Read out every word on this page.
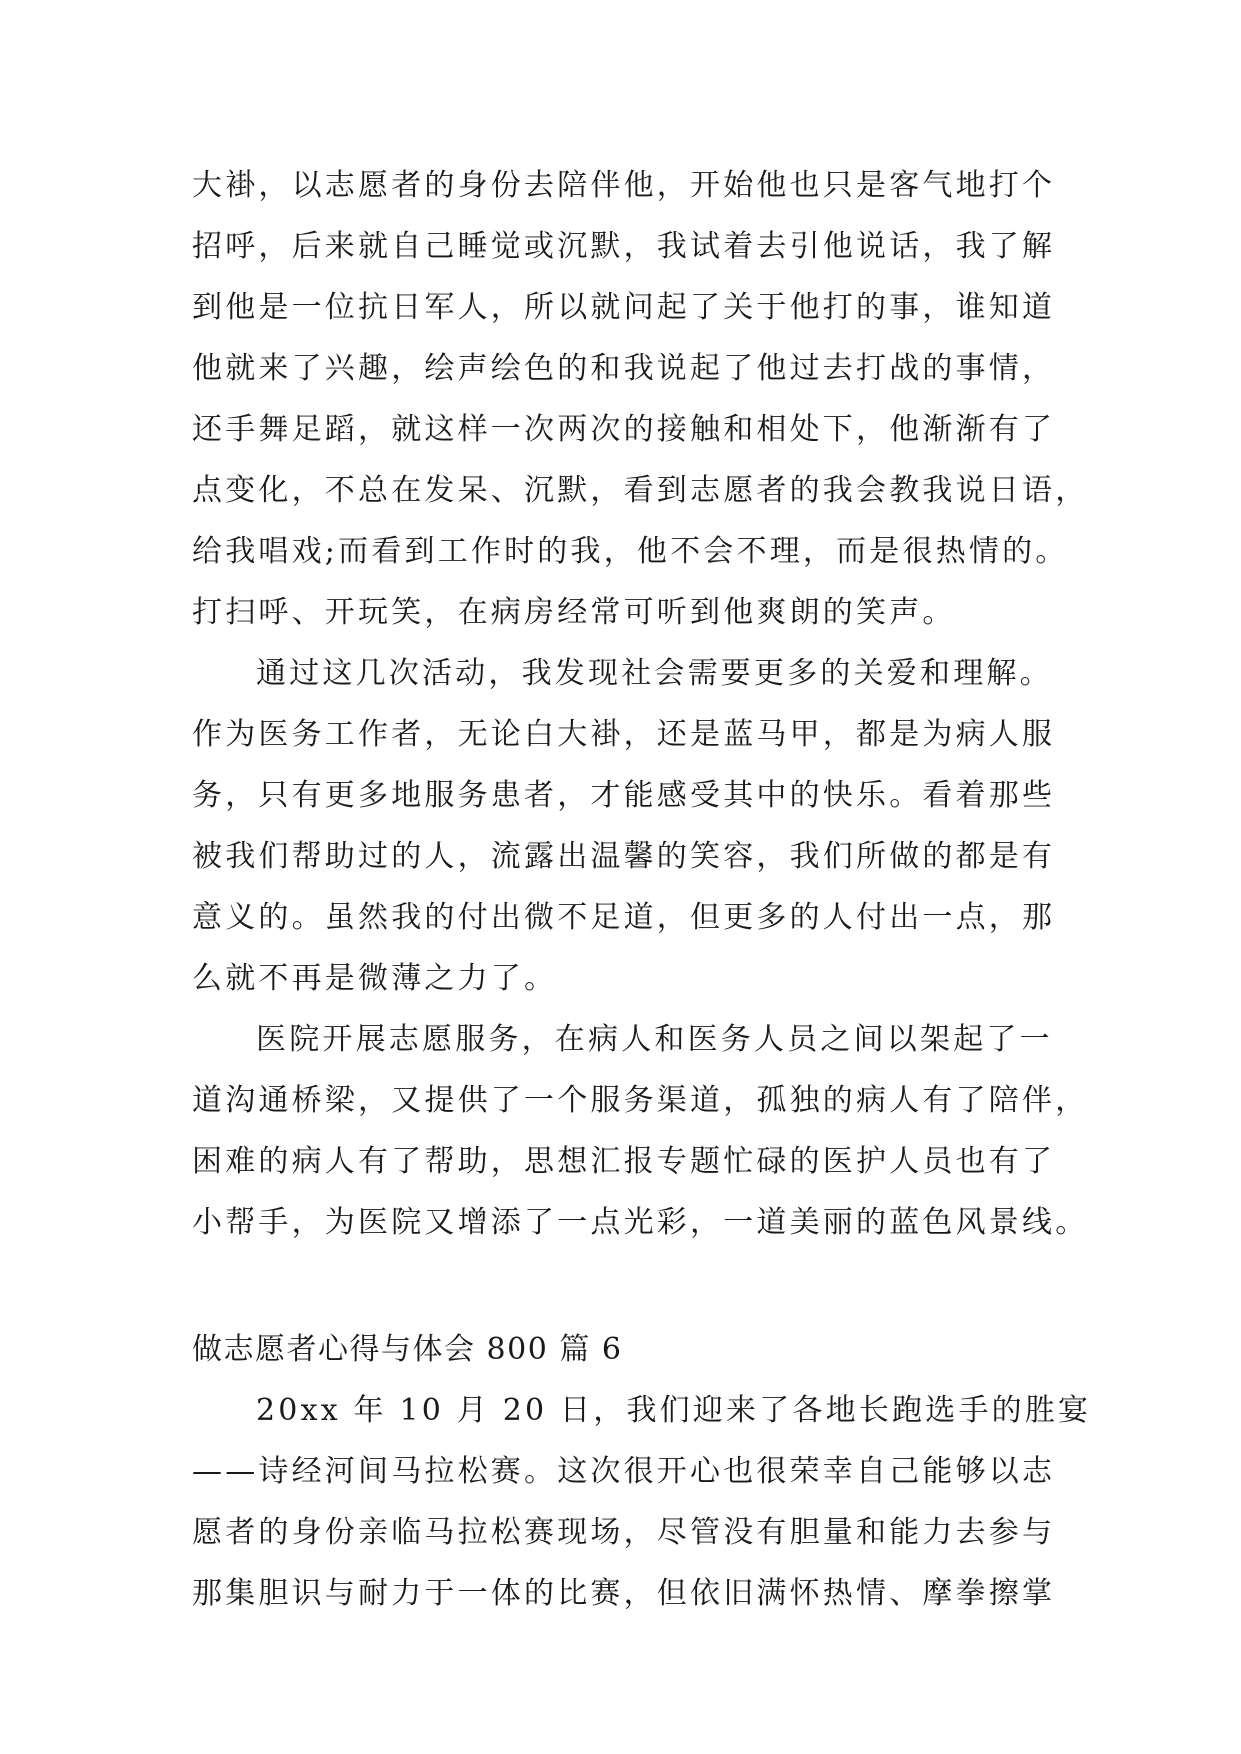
大褂，以志愿者的身份去陪伴他，开始他也只是客气地打个
招呼，后来就自己睡觉或沉默，我试着去引他说话，我了解
到他是一位抗日军人，所以就问起了关于他打的事，谁知道
他就来了兴趣，绘声绘色的和我说起了他过去打战的事情，
还手舞足蹈，就这样一次两次的接触和相处下，他渐渐有了
点变化，不总在发呆、沉默，看到志愿者的我会教我说日语，
给我唱戏;而看到工作时的我，他不会不理，而是很热情的。
打扫呼、开玩笑，在病房经常可听到他爽朗的笑声。
通过这几次活动，我发现社会需要更多的关爱和理解。
作为医务工作者，无论白大褂，还是蓝马甲，都是为病人服
务，只有更多地服务患者，才能感受其中的快乐。看着那些
被我们帮助过的人，流露出温馨的笑容，我们所做的都是有
意义的。虽然我的付出微不足道，但更多的人付出一点，那
么就不再是微薄之力了。
医院开展志愿服务，在病人和医务人员之间以架起了一
道沟通桥梁，又提供了一个服务渠道，孤独的病人有了陪伴，
困难的病人有了帮助，思想汇报专题忙碌的医护人员也有了
小帮手，为医院又增添了一点光彩，一道美丽的蓝色风景线。
做志愿者心得与体会 800 篇 6
20xx 年 10 月 20 日，我们迎来了各地长跑选手的胜宴
——诗经河间马拉松赛。这次很开心也很荣幸自己能够以志
愿者的身份亲临马拉松赛现场，尽管没有胆量和能力去参与
那集胆识与耐力于一体的比赛，但依旧满怀热情、摩拳擦掌
